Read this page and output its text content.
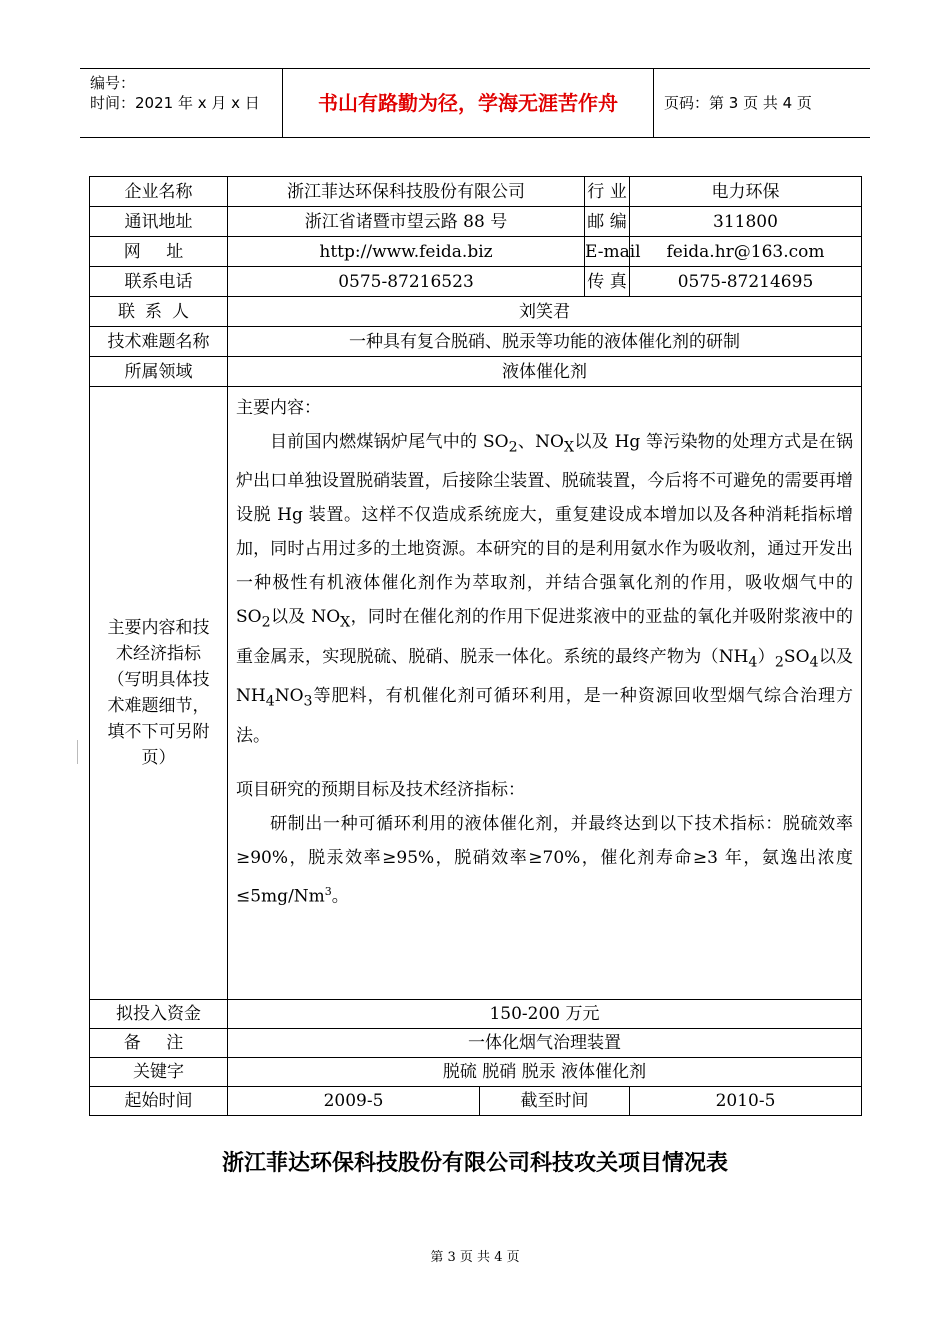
编号：
时间：2021 年 x 月 x 日	书山有路勤为径，学海无涯苦作舟	页码：第 3 页 共 4 页
企业名称	浙江菲达环保科技股份有限公司		行 业	电力环保
通讯地址	浙江省诸暨市望云路 88 号		邮 编	311800
网 址	http://www.feida.biz		E-mail	feida.hr@163.com
联系电话	0575-87216523		传 真	0575-87214695
联系人	刘笑君			
技术难题名称	一种具有复合脱硝、脱汞等功能的液体催化剂的研制			
所属领域	液体催化剂			
主要内容和技术经济指标（写明具体技术难题细节，填不下可另附页）	主要内容：
目前国内燃煤锅炉尾气中的 $SO_2$、$NO_X$以及 Hg 等污染物的处理方式是在锅炉出口单独设置脱硝装置，后接除尘装置、脱硫装置，今后将不可避免的需要再增设脱 Hg 装置。这样不仅造成系统庞大，重复建设成本增加以及各种消耗指标增加，同时占用过多的土地资源。本研究的目的是利用氨水作为吸收剂，通过开发出一种极性有机液体催化剂作为萃取剂，并结合强氧化剂的作用，吸收烟气中的 $SO_2$以及 $NO_X$，同时在催化剂的作用下促进浆液中的亚盐的氧化并吸附浆液中的重金属汞，实现脱硫、脱硝、脱汞一体化。系统的最终产物为$(NH_4)_2SO_4$以及 $NH_4NO_3$等肥料，有机催化剂可循环利用，是一种资源回收型烟气综合治理方法。
项目研究的预期目标及技术经济指标：
研制出一种可循环利用的液体催化剂，并最终达到以下技术指标：脱硫效率≥90%，脱汞效率≥95%，脱硝效率≥70%，催化剂寿命≥3 年，氨逸出浓度$\le 5mg/Nm^3$。			

拟投入资金	150-200 万元			
备 注	一体化烟气治理装置			
关键字	脱硫 脱硝 脱汞 液体催化剂			
起始时间	2009-5	截至时间		2010-5
浙江菲达环保科技股份有限公司科技攻关项目情况表
第 3 页 共 4 页
